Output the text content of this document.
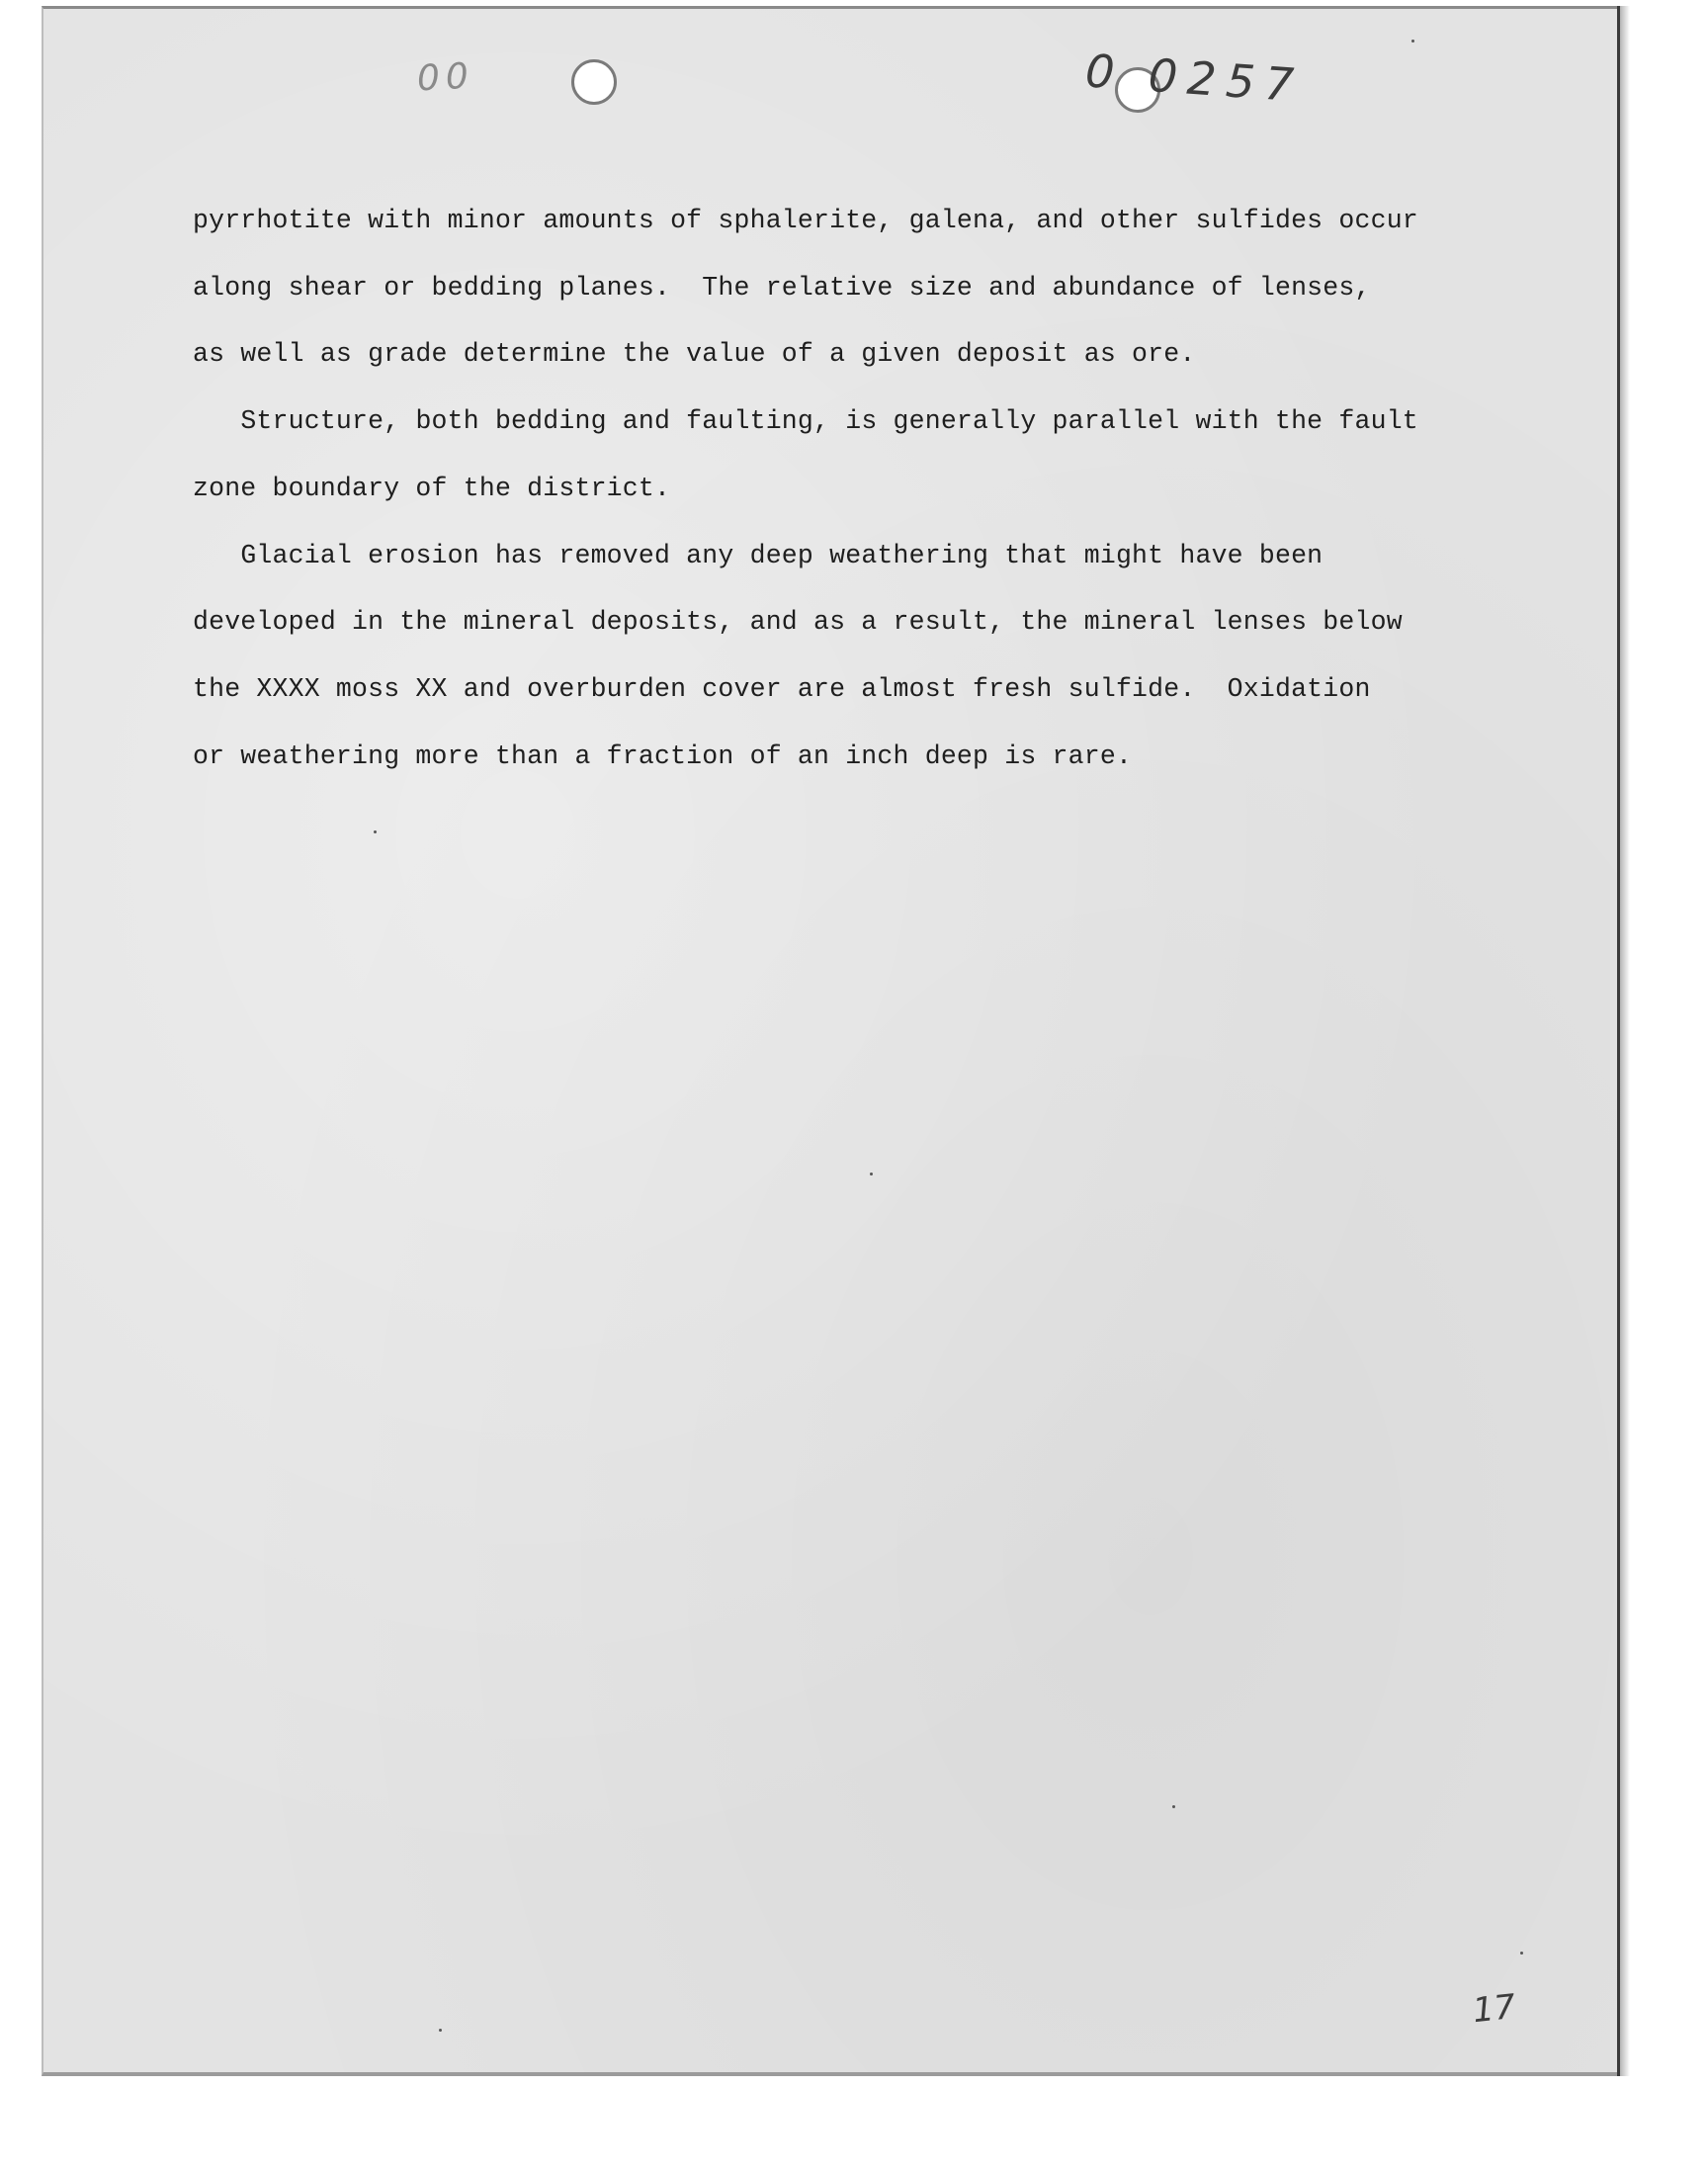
00	0 0257

pyrrhotite with minor amounts of sphalerite, galena, and other sulfides occur
along shear or bedding planes.  The relative size and abundance of lenses,
as well as grade determine the value of a given deposit as ore.

Structure, both bedding and faulting, is generally parallel with the fault
zone boundary of the district.

Glacial erosion has removed any deep weathering that might have been
developed in the mineral deposits, and as a result, the mineral lenses below
the XXXX moss XX and overburden cover are almost fresh sulfide.  Oxidation
or weathering more than a fraction of an inch deep is rare.

17
